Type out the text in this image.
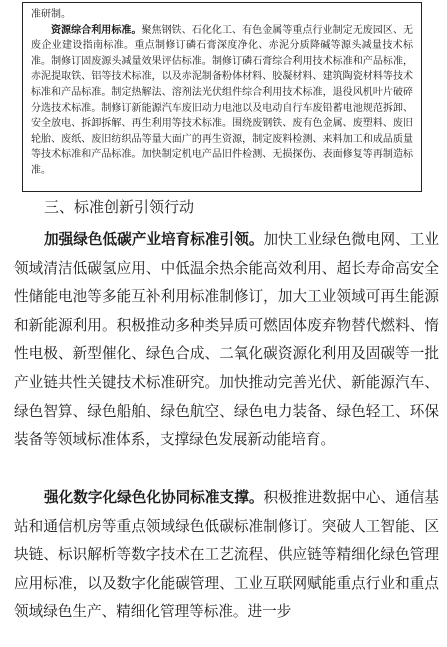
准研制。

资源综合利用标准。聚焦钢铁、石化化工、有色金属等重点行业制定无废园区、无废企业建设指南标准。重点制修订磷石膏深度净化、赤泥分质降碱等源头减量技术标准。制修订固废源头减量效果评估标准。制修订磷石膏综合利用技术标准和产品标准，赤泥提取铁、铝等技术标准，以及赤泥制备粉体材料、胶凝材料、建筑陶瓷材料等技术标准和产品标准。制定热解法、溶剂法光伏组件综合利用技术标准，退役风机叶片破碎分选技术标准。制修订新能源汽车废旧动力电池以及电动自行车废铅蓄电池规范拆卸、安全放电、拆卸拆解、再生利用等技术标准。围绕废钢铁、废有色金属、废塑料、废旧轮胎、废纸、废旧纺织品等量大面广的再生资源，制定废料检测、来料加工和成品质量等技术标准和产品标准。加快制定机电产品旧件检测、无损探伤、表面修复等再制造标准。

三、标准创新引领行动

加强绿色低碳产业培育标准引领。加快工业绿色微电网、工业领域清洁低碳氢应用、中低温余热余能高效利用、超长寿命高安全性储能电池等多能互补利用标准制修订，加大工业领域可再生能源和新能源利用。积极推动多种类异质可燃固体废弃物替代燃料、惰性电极、新型催化、绿色合成、二氧化碳资源化利用及固碳等一批产业链共性关键技术标准研究。加快推动完善光伏、新能源汽车、绿色智算、绿色船舶、绿色航空、绿色电力装备、绿色轻工、环保装备等领域标准体系，支撑绿色发展新动能培育。

强化数字化绿色化协同标准支撑。积极推进数据中心、通信基站和通信机房等重点领域绿色低碳标准制修订。突破人工智能、区块链、标识解析等数字技术在工艺流程、供应链等精细化绿色管理应用标准，以及数字化能碳管理、工业互联网赋能重点行业和重点领域绿色生产、精细化管理等标准。进一步
